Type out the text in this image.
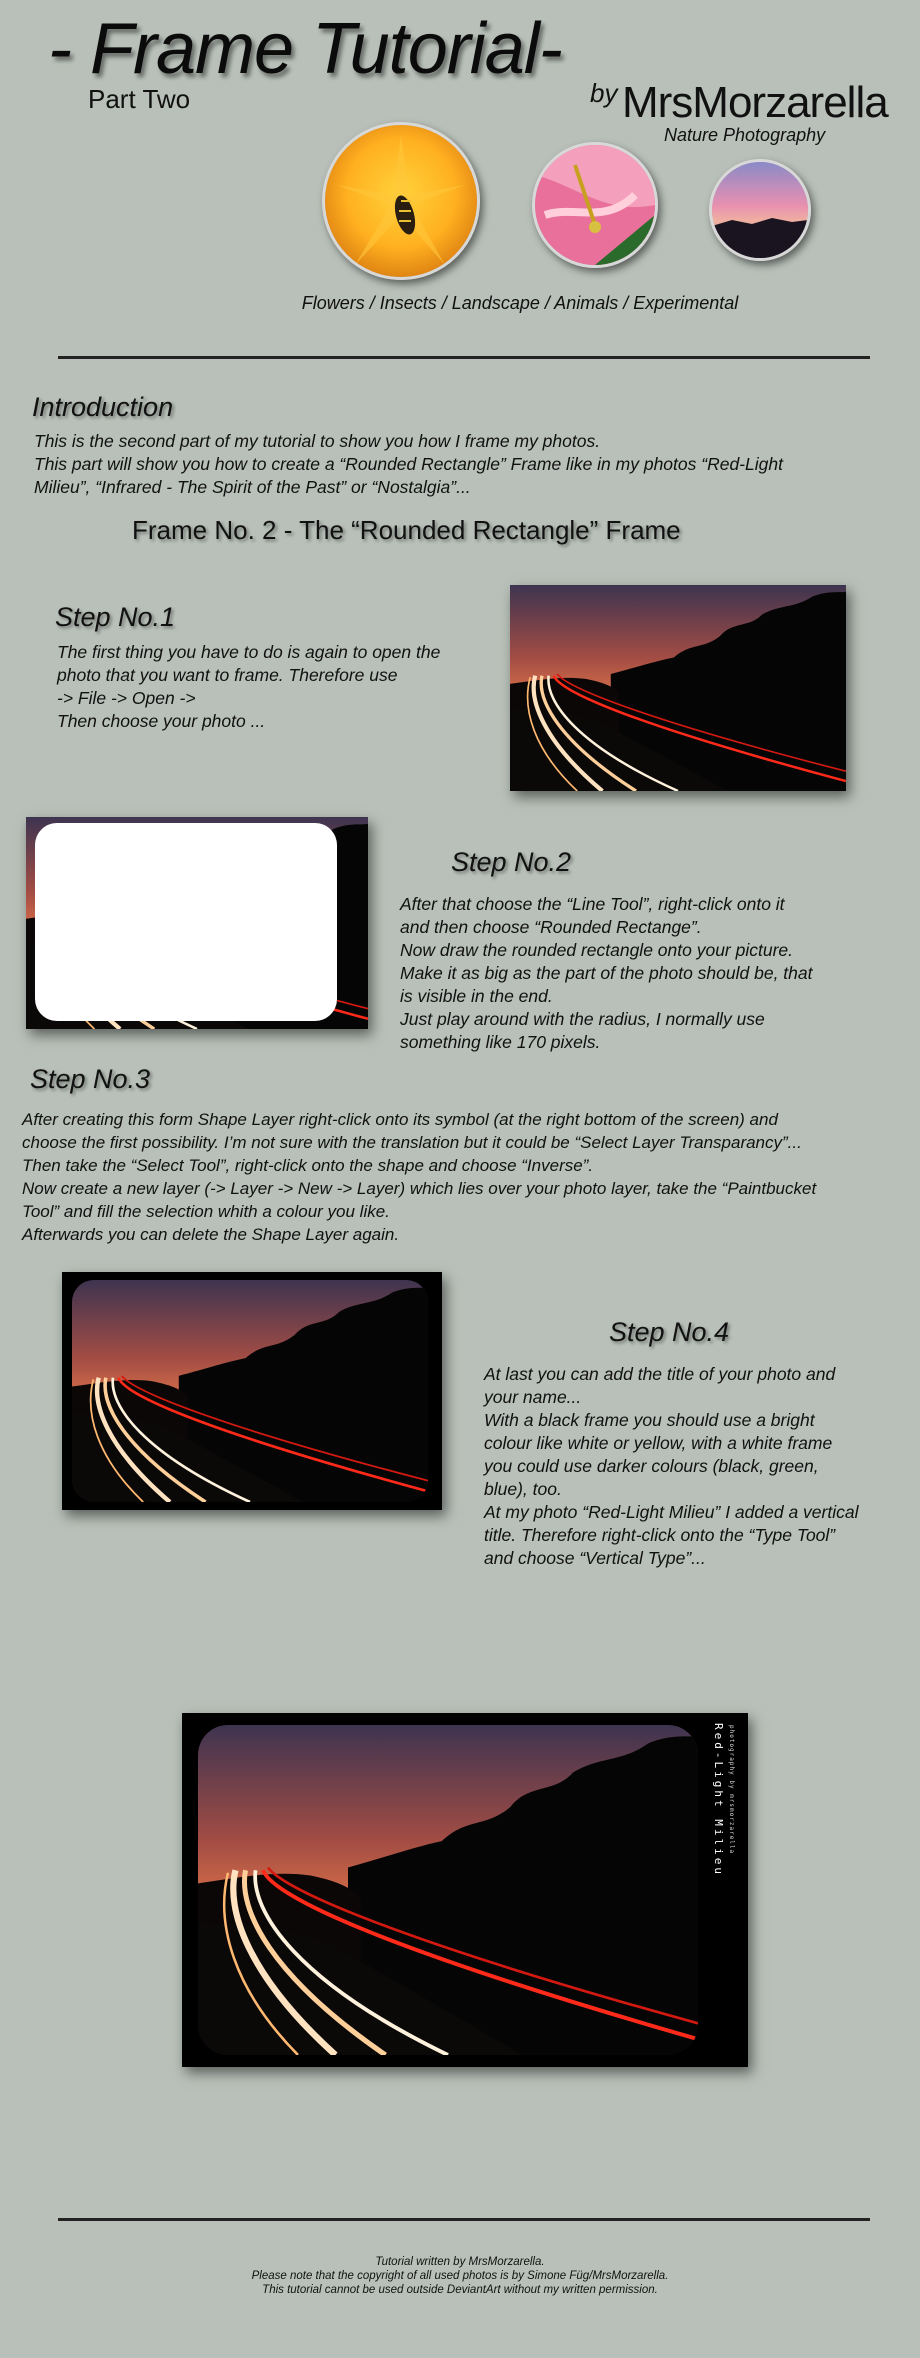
- Frame Tutorial-
Part Two	by MrsMorzarella
Nature Photography
Flowers / Insects / Landscape / Animals / Experimental
Introduction

This is the second part of my tutorial to show you how I frame my photos.

This part will show you how to create a “Rounded Rectangle” Frame like in my photos “Red-Light

Milieu”, “Infrared - The Spirit of the Past” or “Nostalgia”...

Frame No. 2 - The “Rounded Rectangle” Frame
Step No.1

The first thing you have to do is again to open the

photo that you want to frame. Therefore use

-> File -> Open ->

Then choose your photo ...

Step No.2

After that choose the “Line Tool”, right-click onto it

and then choose “Rounded Rectange”.

Now draw the rounded rectangle onto your picture.

Make it as big as the part of the photo should be, that

is visible in the end.

Just play around with the radius, I normally use

something like 170 pixels.

Step No.3

After creating this form Shape Layer right-click onto its symbol (at the right bottom of the screen) and

choose the first possibility. I’m not sure with the translation but it could be “Select Layer Transparancy”...

Then take the “Select Tool”, right-click onto the shape and choose “Inverse”.

Now create a new layer (-> Layer -> New -> Layer) which lies over your photo layer, take the “Paintbucket

Tool” and fill the selection whith a colour you like.

Afterwards you can delete the Shape Layer again.

Step No.4

At last you can add the title of your photo and

your name...

With a black frame you should use a bright

colour like white or yellow, with a white frame

you could use darker colours (black, green,

blue), too.

At my photo “Red-Light Milieu” I added a vertical

title. Therefore right-click onto the “Type Tool”

and choose “Vertical Type”...

Red-Light Milieu photography by mrsmorzarella

Tutorial written by MrsMorzarella.

Please note that the copyright of all used photos is by Simone Füg/MrsMorzarella.

This tutorial cannot be used outside DeviantArt without my written permission.
